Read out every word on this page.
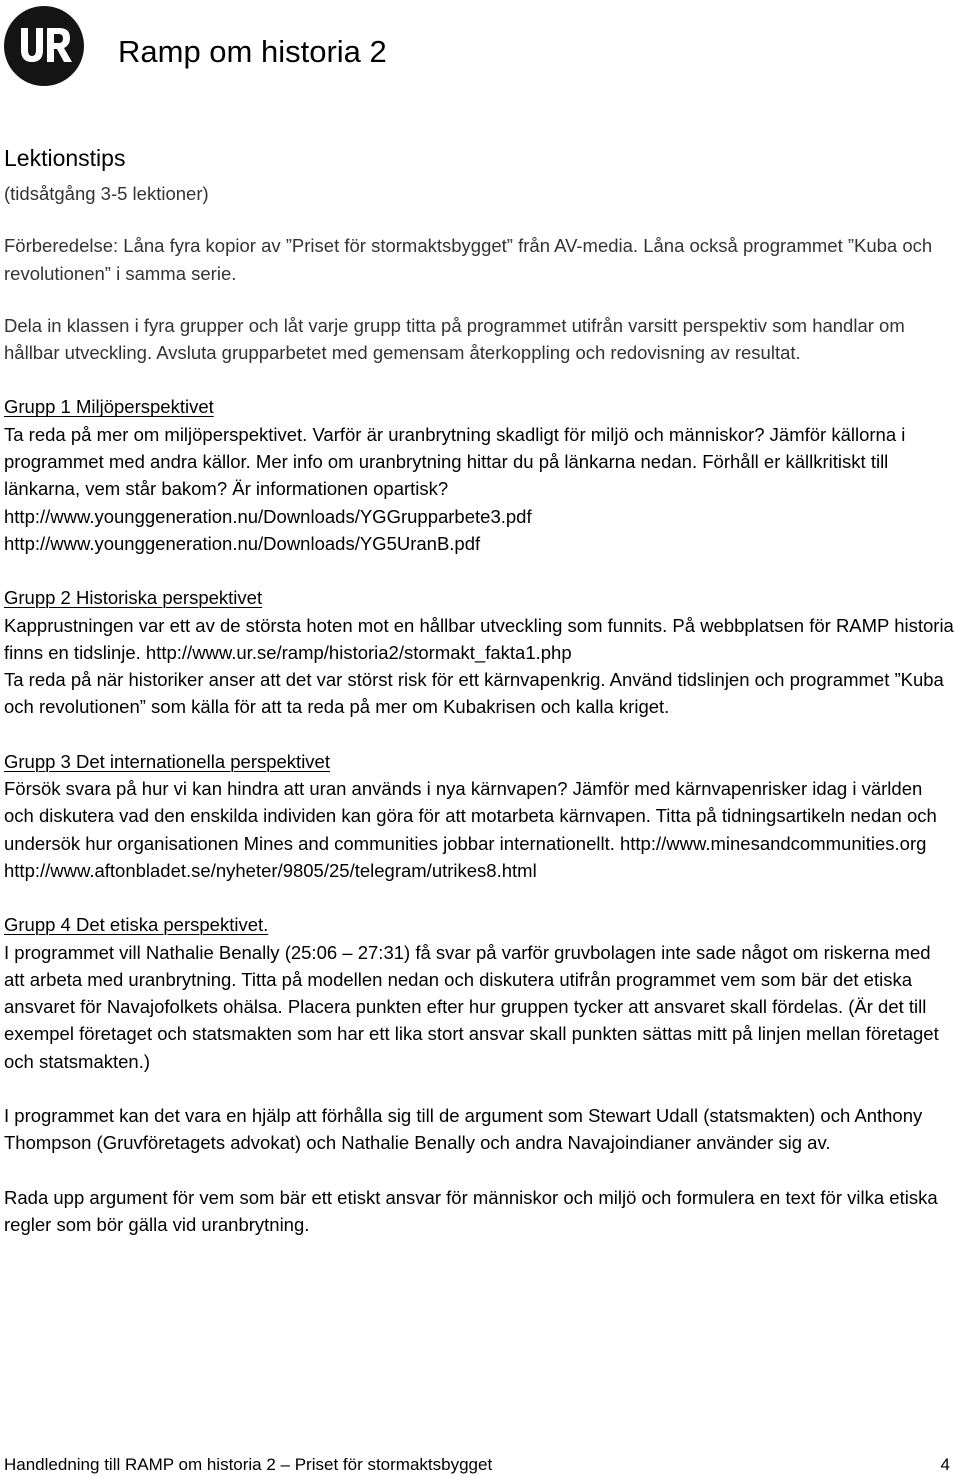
Ramp om historia 2
Lektionstips

(tidsåtgång 3-5 lektioner)

Förberedelse: Låna fyra kopior av ”Priset för stormaktsbygget” från AV-media. Låna också programmet ”Kuba och revolutionen” i samma serie.

Dela in klassen i fyra grupper och låt varje grupp titta på programmet utifrån varsitt perspektiv som handlar om hållbar utveckling. Avsluta grupparbetet med gemensam återkoppling och redovisning av resultat.

Grupp 1 Miljöperspektivet

Ta reda på mer om miljöperspektivet. Varför är uranbrytning skadligt för miljö och människor? Jämför källorna i programmet med andra källor. Mer info om uranbrytning hittar du på länkarna nedan. Förhåll er källkritiskt till länkarna, vem står bakom? Är informationen opartisk?

http://www.younggeneration.nu/Downloads/YGGrupparbete3.pdf

http://www.younggeneration.nu/Downloads/YG5UranB.pdf

Grupp 2 Historiska perspektivet

Kapprustningen var ett av de största hoten mot en hållbar utveckling som funnits. På webbplatsen för RAMP historia finns en tidslinje. http://www.ur.se/ramp/historia2/stormakt_fakta1.php

Ta reda på när historiker anser att det var störst risk för ett kärnvapenkrig. Använd tidslinjen och programmet ”Kuba och revolutionen” som källa för att ta reda på mer om Kubakrisen och kalla kriget.

Grupp 3 Det internationella perspektivet

Försök svara på hur vi kan hindra att uran används i nya kärnvapen? Jämför med kärnvapenrisker idag i världen och diskutera vad den enskilda individen kan göra för att motarbeta kärnvapen. Titta på tidningsartikeln nedan och undersök hur organisationen Mines and communities jobbar internationellt. http://www.minesandcommunities.org

http://www.aftonbladet.se/nyheter/9805/25/telegram/utrikes8.html

Grupp 4 Det etiska perspektivet.

I programmet vill Nathalie Benally (25:06 – 27:31) få svar på varför gruvbolagen inte sade något om riskerna med att arbeta med uranbrytning. Titta på modellen nedan och diskutera utifrån programmet vem som bär det etiska ansvaret för Navajofolkets ohälsa. Placera punkten efter hur gruppen tycker att ansvaret skall fördelas. (Är det till exempel företaget och statsmakten som har ett lika stort ansvar skall punkten sättas mitt på linjen mellan företaget och statsmakten.)

I programmet kan det vara en hjälp att förhålla sig till de argument som Stewart Udall (statsmakten) och Anthony Thompson (Gruvföretagets advokat) och Nathalie Benally och andra Navajoindianer använder sig av.

Rada upp argument för vem som bär ett etiskt ansvar för människor och miljö och formulera en text för vilka etiska regler som bör gälla vid uranbrytning.

Handledning till RAMP om historia 2 – Priset för stormaktsbygget	4
